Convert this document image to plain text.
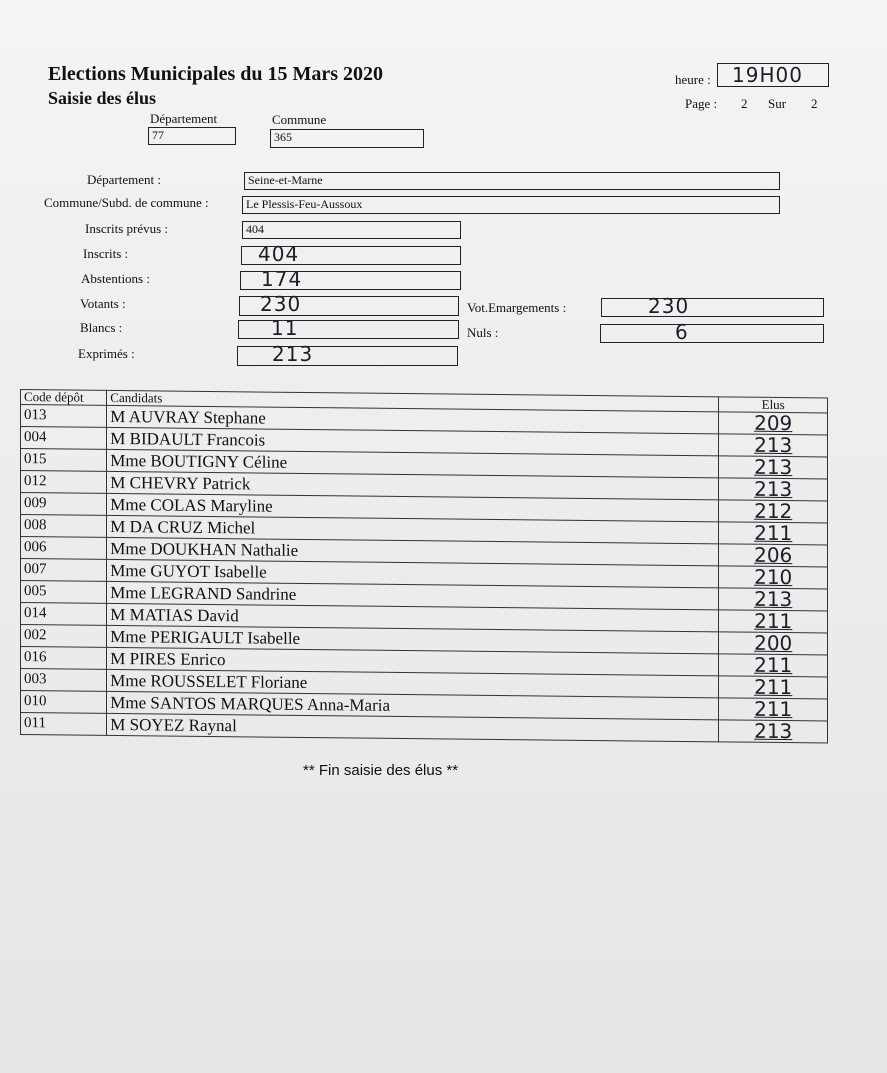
Elections Municipales du 15 Mars 2020
Saisie des élus
heure :	19H00
Page : 2 Sur 2
Département
77
Commune
365
Département :	Seine-et-Marne
Commune/Subd. de commune :	Le Plessis-Feu-Aussoux
Inscrits prévus :	404
Inscrits :	404
Abstentions :	174
Votants :	230	Vot.Emargements :	230
Blancs :	11	Nuls :	6
Exprimés :	213
Code dépôt	Candidats	Elus
013	M AUVRAY Stephane	209
004	M BIDAULT Francois	213
015	Mme BOUTIGNY Céline	213
012	M CHEVRY Patrick	213
009	Mme COLAS Maryline	212
008	M DA CRUZ Michel	211
006	Mme DOUKHAN Nathalie	206
007	Mme GUYOT Isabelle	210
005	Mme LEGRAND Sandrine	213
014	M MATIAS David	211
002	Mme PERIGAULT Isabelle	200
016	M PIRES Enrico	211
003	Mme ROUSSELET Floriane	211
010	Mme SANTOS MARQUES Anna-Maria	211
011	M SOYEZ Raynal	213
** Fin saisie des élus **
